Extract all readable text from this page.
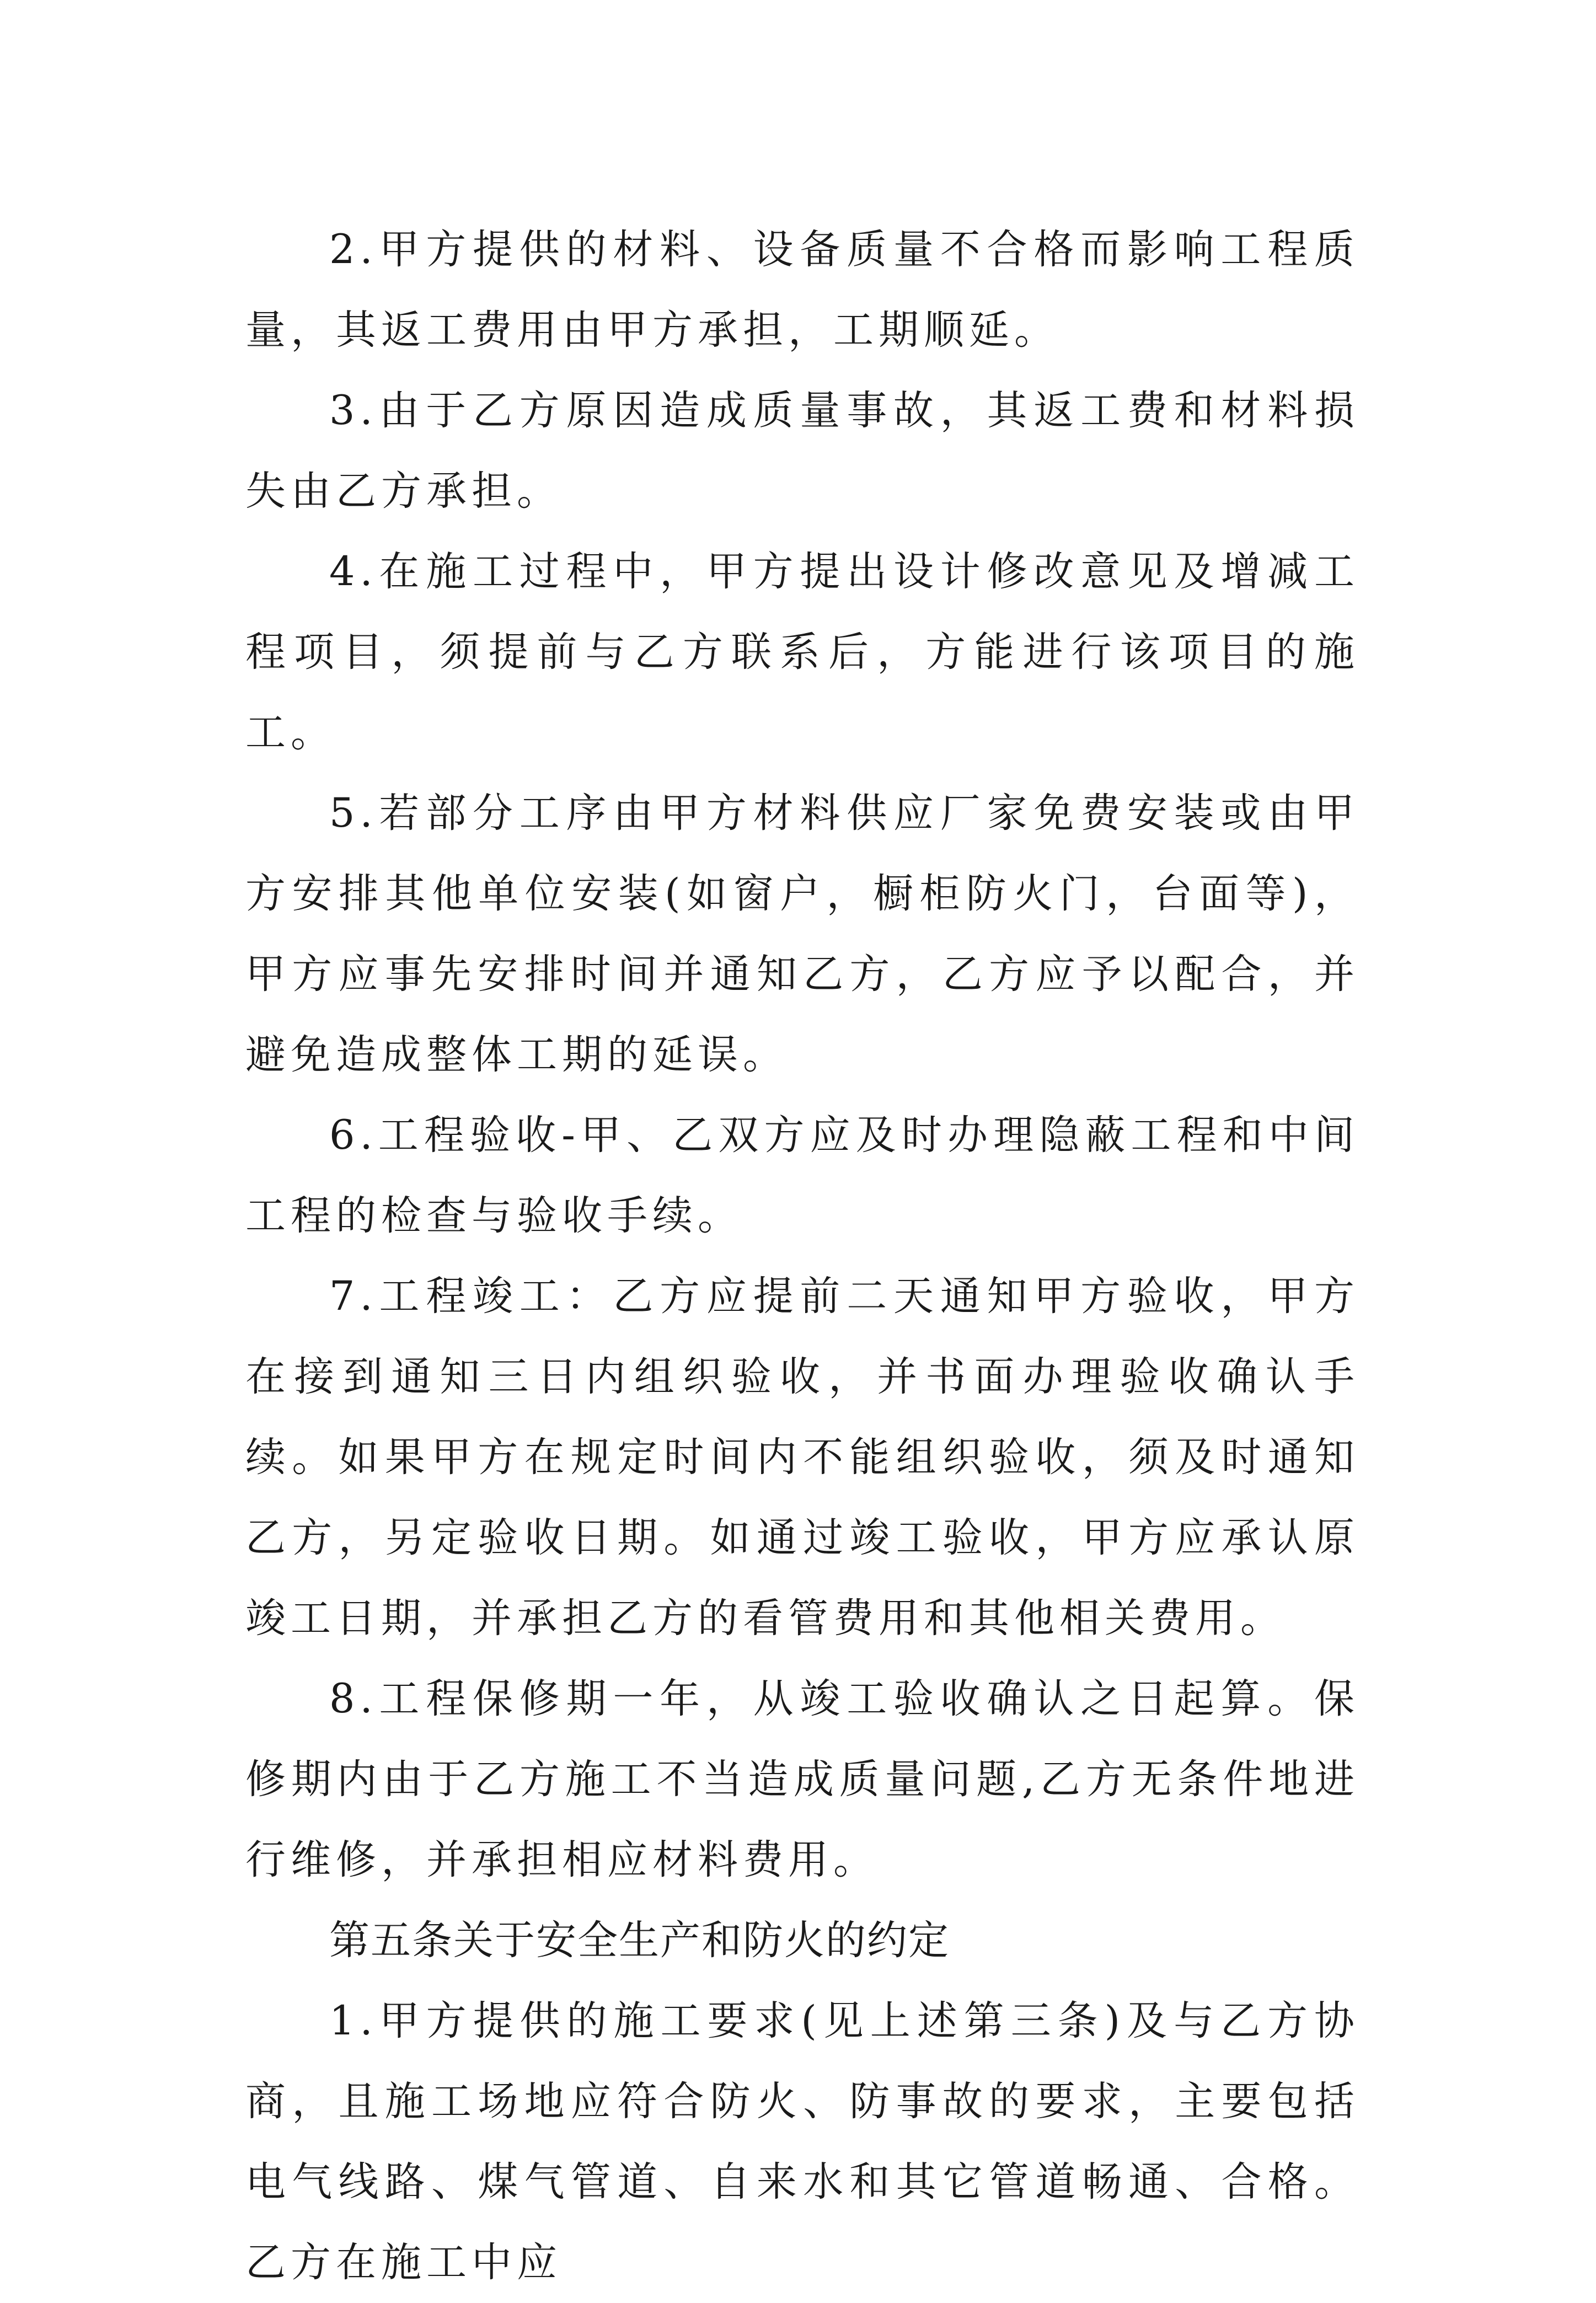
2.甲方提供的材料、设备质量不合格而影响工程质量，其返工费用由甲方承担，工期顺延。

3.由于乙方原因造成质量事故，其返工费和材料损失由乙方承担。

4.在施工过程中，甲方提出设计修改意见及增减工程项目，须提前与乙方联系后，方能进行该项目的施工。

5.若部分工序由甲方材料供应厂家免费安装或由甲方安排其他单位安装(如窗户，橱柜防火门，台面等)，甲方应事先安排时间并通知乙方，乙方应予以配合，并避免造成整体工期的延误。

6.工程验收-甲、乙双方应及时办理隐蔽工程和中间工程的检查与验收手续。

7.工程竣工：乙方应提前二天通知甲方验收，甲方在接到通知三日内组织验收，并书面办理验收确认手续。如果甲方在规定时间内不能组织验收，须及时通知乙方，另定验收日期。如通过竣工验收，甲方应承认原竣工日期，并承担乙方的看管费用和其他相关费用。

8.工程保修期一年，从竣工验收确认之日起算。保修期内由于乙方施工不当造成质量问题,乙方无条件地进行维修，并承担相应材料费用。

第五条关于安全生产和防火的约定

1.甲方提供的施工要求(见上述第三条)及与乙方协商，且施工场地应符合防火、防事故的要求，主要包括电气线路、煤气管道、自来水和其它管道畅通、合格。乙方在施工中应
